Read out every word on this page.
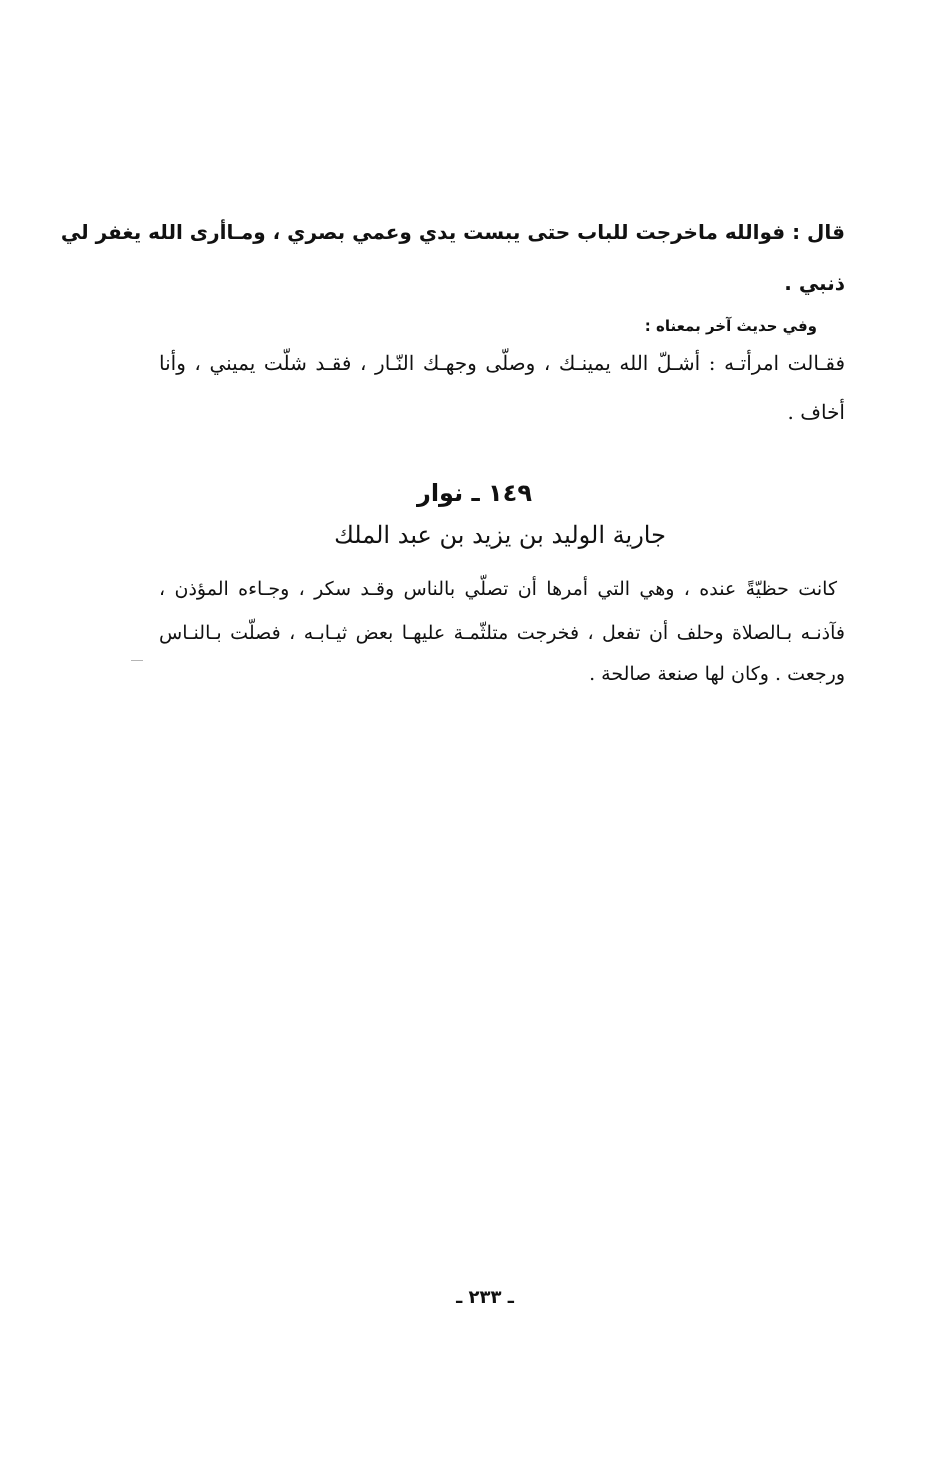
قال : فوالله ماخرجت للباب حتى يبست يدي وعمي بصري ، ومـاأرى الله يغفر لي
ذنبي .
وفي حديث آخر بمعناه :
فقـالت امرأتـه : أشـلّ الله يمينـك ، وصلّى وجهـك النّـار ، فقـد شلّت يميني ، وأنا
أخاف .
١٤٩ ـ نوار
جارية الوليد بن يزيد بن عبد الملك
كانت حظيّةً عنده ، وهي التي أمرها أن تصلّي بالناس وقـد سكر ، وجـاءه المؤذن ،
فآذنـه بـالصلاة وحلف أن تفعل ، فخرجت متلثّمـة عليهـا بعض ثيـابـه ، فصلّت بـالنـاس
ورجعت . وكان لها صنعة صالحة .
ـ ٢٣٣ ـ
